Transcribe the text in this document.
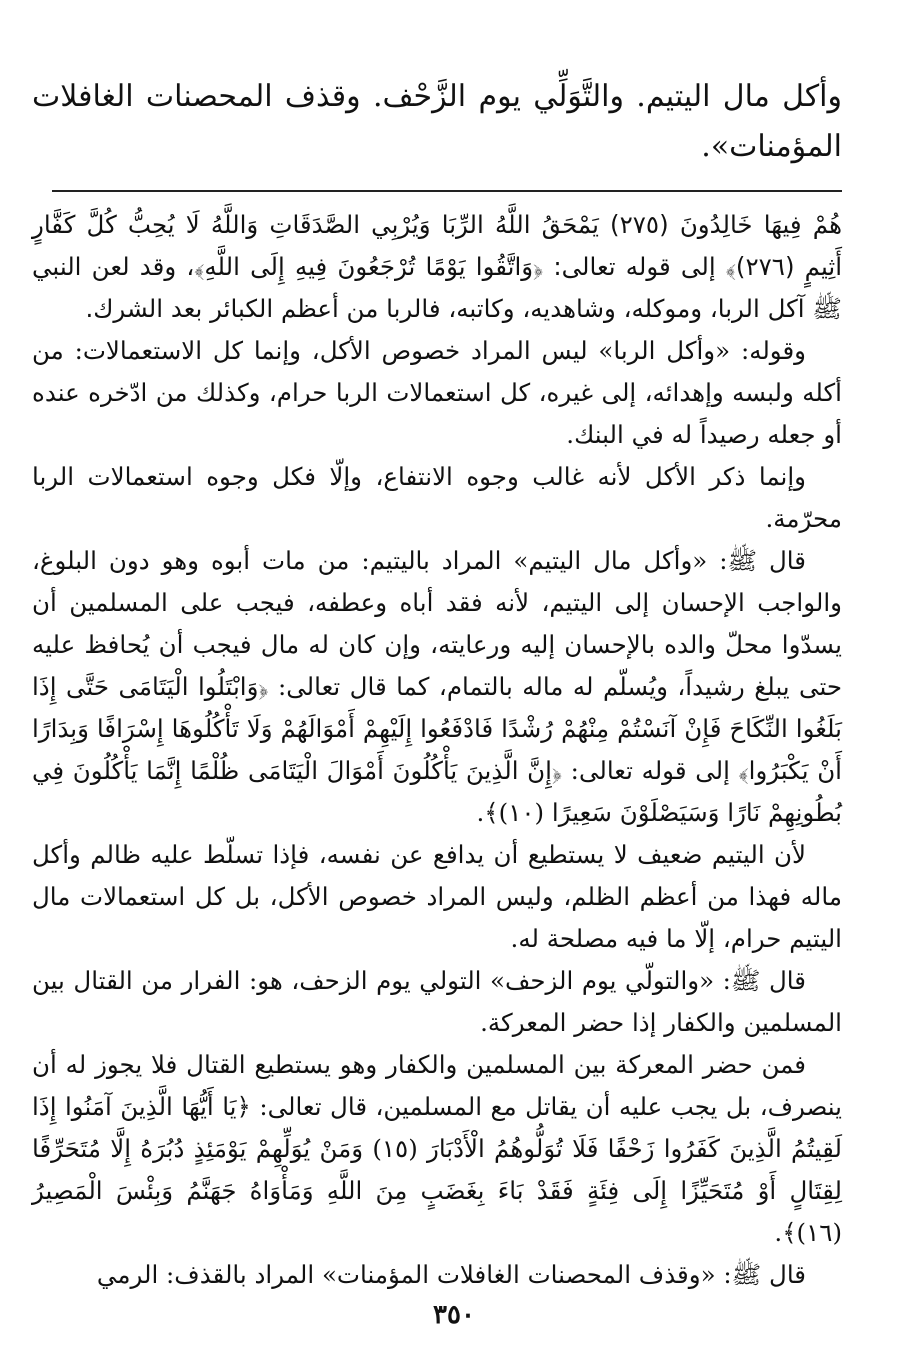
وأكل مال اليتيم. والتَّوَلِّي يوم الزَّحْف. وقذف المحصنات الغافلات المؤمنات».

هُمْ فِيهَا خَالِدُونَ (٢٧٥) يَمْحَقُ اللَّهُ الرِّبَا وَيُرْبِي الصَّدَقَاتِ وَاللَّهُ لَا يُحِبُّ كُلَّ كَفَّارٍ أَثِيمٍ (٢٧٦)﴾ إلى قوله تعالى: ﴿وَاتَّقُوا يَوْمًا تُرْجَعُونَ فِيهِ إِلَى اللَّهِ﴾، وقد لعن النبي ﷺ آكل الربا، وموكله، وشاهديه، وكاتبه، فالربا من أعظم الكبائر بعد الشرك.

وقوله: «وأكل الربا» ليس المراد خصوص الأكل، وإنما كل الاستعمالات: من أكله ولبسه وإهدائه، إلى غيره، كل استعمالات الربا حرام، وكذلك من ادّخره عنده أو جعله رصيداً له في البنك.

وإنما ذكر الأكل لأنه غالب وجوه الانتفاع، وإلّا فكل وجوه استعمالات الربا محرّمة.

قال ﷺ: «وأكل مال اليتيم» المراد باليتيم: من مات أبوه وهو دون البلوغ، والواجب الإحسان إلى اليتيم، لأنه فقد أباه وعطفه، فيجب على المسلمين أن يسدّوا محلّ والده بالإحسان إليه ورعايته، وإن كان له مال فيجب أن يُحافظ عليه حتى يبلغ رشيداً، ويُسلّم له ماله بالتمام، كما قال تعالى: ﴿وَابْتَلُوا الْيَتَامَى حَتَّى إِذَا بَلَغُوا النِّكَاحَ فَإِنْ آنَسْتُمْ مِنْهُمْ رُشْدًا فَادْفَعُوا إِلَيْهِمْ أَمْوَالَهُمْ وَلَا تَأْكُلُوهَا إِسْرَافًا وَبِدَارًا أَنْ يَكْبَرُوا﴾ إلى قوله تعالى: ﴿إِنَّ الَّذِينَ يَأْكُلُونَ أَمْوَالَ الْيَتَامَى ظُلْمًا إِنَّمَا يَأْكُلُونَ فِي بُطُونِهِمْ نَارًا وَسَيَصْلَوْنَ سَعِيرًا (١٠)﴾.

لأن اليتيم ضعيف لا يستطيع أن يدافع عن نفسه، فإذا تسلّط عليه ظالم وأكل ماله فهذا من أعظم الظلم، وليس المراد خصوص الأكل، بل كل استعمالات مال اليتيم حرام، إلّا ما فيه مصلحة له.

قال ﷺ: «والتولّي يوم الزحف» التولي يوم الزحف، هو: الفرار من القتال بين المسلمين والكفار إذا حضر المعركة.

فمن حضر المعركة بين المسلمين والكفار وهو يستطيع القتال فلا يجوز له أن ينصرف، بل يجب عليه أن يقاتل مع المسلمين، قال تعالى: ﴿يَا أَيُّهَا الَّذِينَ آمَنُوا إِذَا لَقِيتُمُ الَّذِينَ كَفَرُوا زَحْفًا فَلَا تُوَلُّوهُمُ الْأَدْبَارَ (١٥) وَمَنْ يُوَلِّهِمْ يَوْمَئِذٍ دُبُرَهُ إِلَّا مُتَحَرِّفًا لِقِتَالٍ أَوْ مُتَحَيِّزًا إِلَى فِئَةٍ فَقَدْ بَاءَ بِغَضَبٍ مِنَ اللَّهِ وَمَأْوَاهُ جَهَنَّمُ وَبِئْسَ الْمَصِيرُ (١٦)﴾.

قال ﷺ: «وقذف المحصنات الغافلات المؤمنات» المراد بالقذف: الرمي

٣٥٠
